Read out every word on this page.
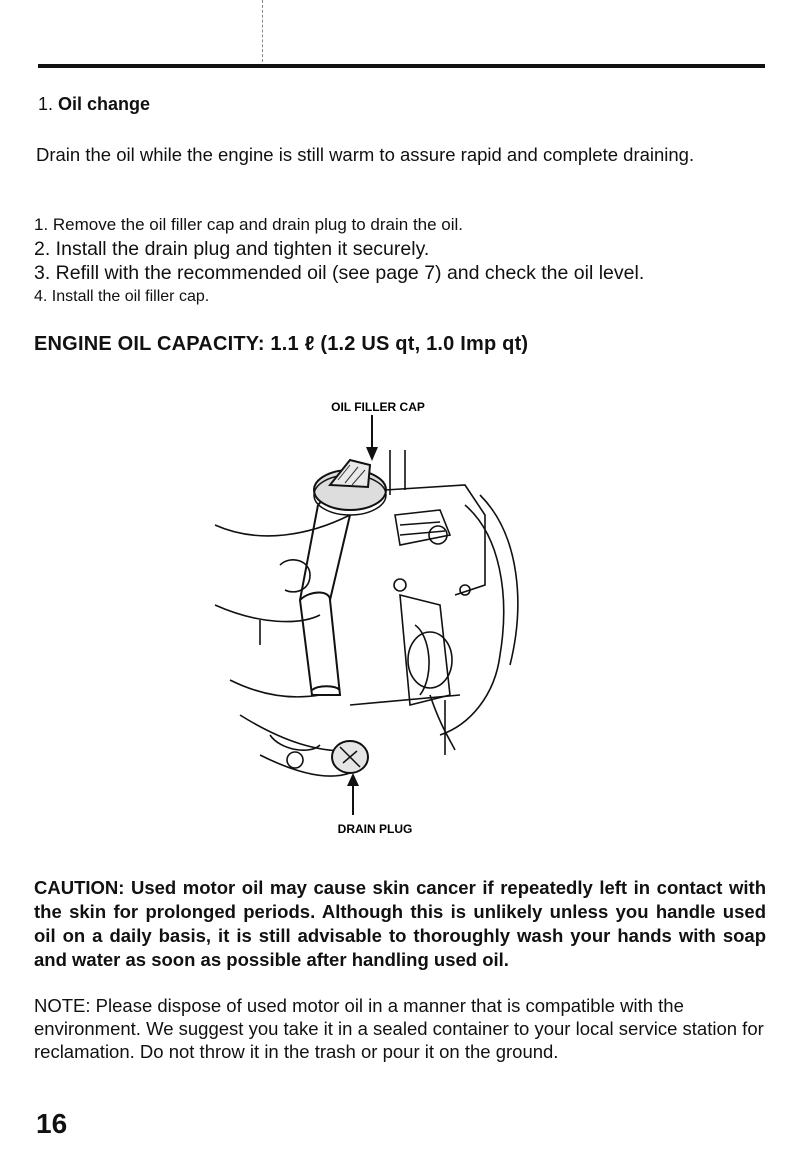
1. Oil change
Drain the oil while the engine is still warm to assure rapid and complete draining.
1. Remove the oil filler cap and drain plug to drain the oil.
2. Install the drain plug and tighten it securely.
3. Refill with the recommended oil (see page 7) and check the oil level.
4. Install the oil filler cap.
ENGINE OIL CAPACITY: 1.1 ℓ (1.2 US qt, 1.0 Imp qt)
OIL FILLER CAP
DRAIN PLUG
CAUTION: Used motor oil may cause skin cancer if repeatedly left in contact with the skin for prolonged periods. Although this is unlikely unless you handle used oil on a daily basis, it is still advisable to thoroughly wash your hands with soap and water as soon as possible after handling used oil.
NOTE: Please dispose of used motor oil in a manner that is compatible with the environment. We suggest you take it in a sealed container to your local service station for reclamation. Do not throw it in the trash or pour it on the ground.
16
